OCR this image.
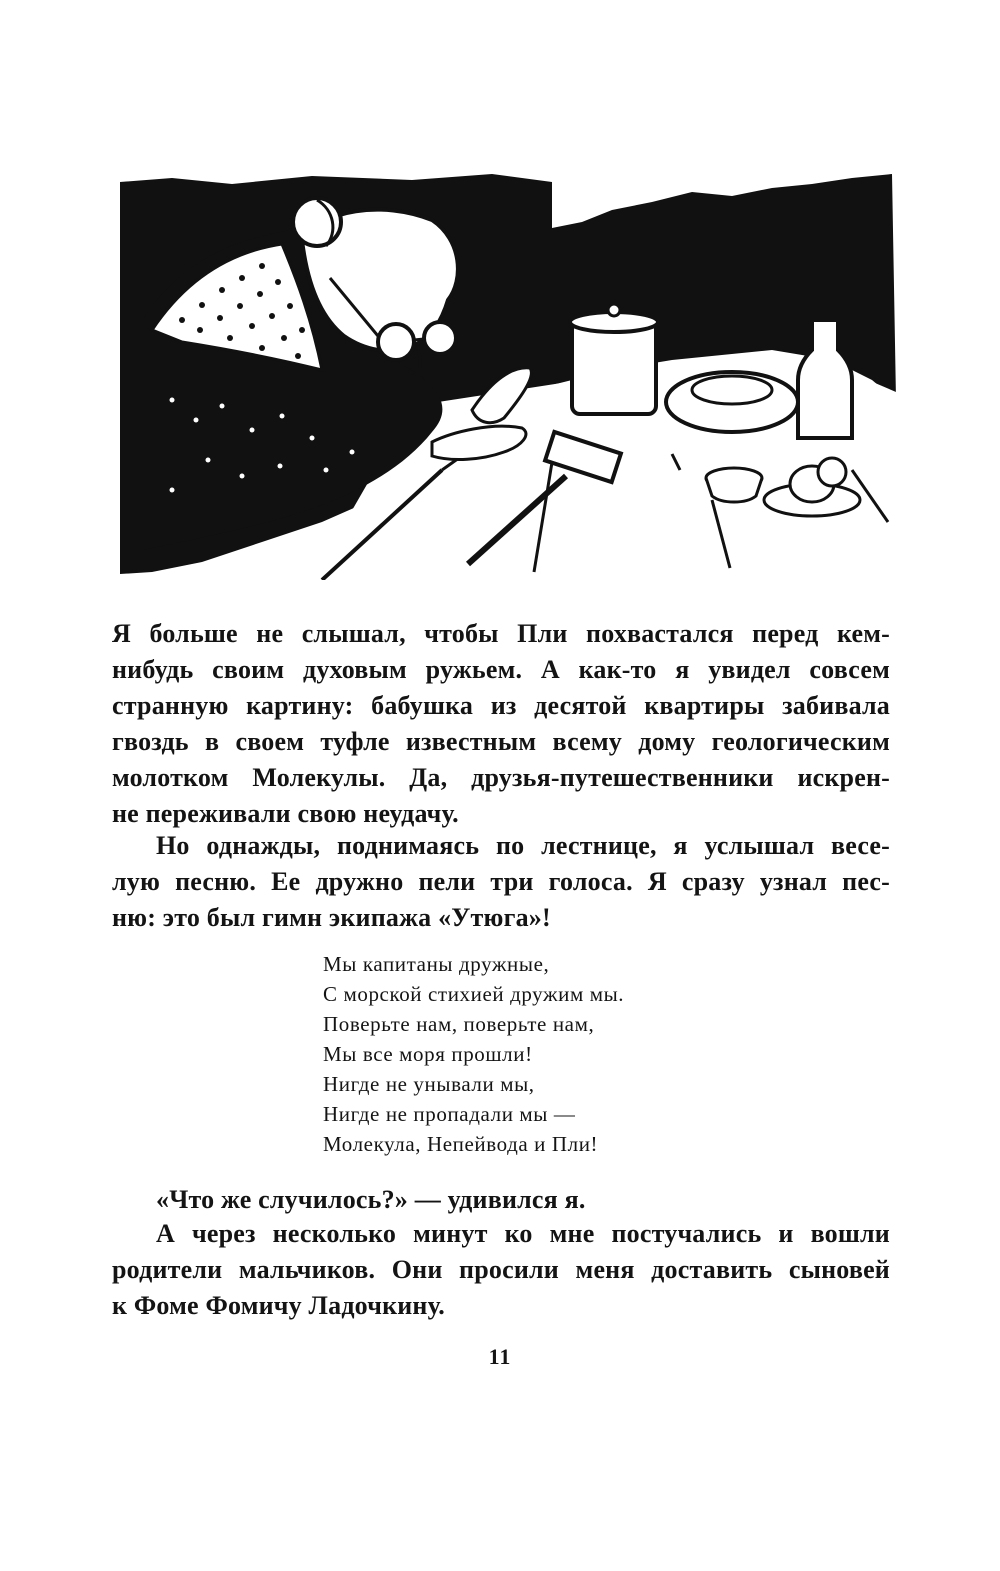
Я больше не слышал, чтобы Пли похвастался перед кем-
нибудь своим духовым ружьем. А как-то я увидел совсем
странную картину: бабушка из десятой квартиры забивала
гвоздь в своем туфле известным всему дому геологическим
молотком Молекулы. Да, друзья-путешественники искрен-
не переживали свою неудачу.
Но однажды, поднимаясь по лестнице, я услышал весе-
лую песню. Ее дружно пели три голоса. Я сразу узнал пес-
ню: это был гимн экипажа «Утюга»!
Мы капитаны дружные,
С морской стихией дружим мы.
Поверьте нам, поверьте нам,
Мы все моря прошли!
Нигде не унывали мы,
Нигде не пропадали мы —
Молекула, Непейвода и Пли!
«Что же случилось?» — удивился я.
А через несколько минут ко мне постучались и вошли
родители мальчиков. Они просили меня доставить сыновей
к Фоме Фомичу Ладочкину.
11
